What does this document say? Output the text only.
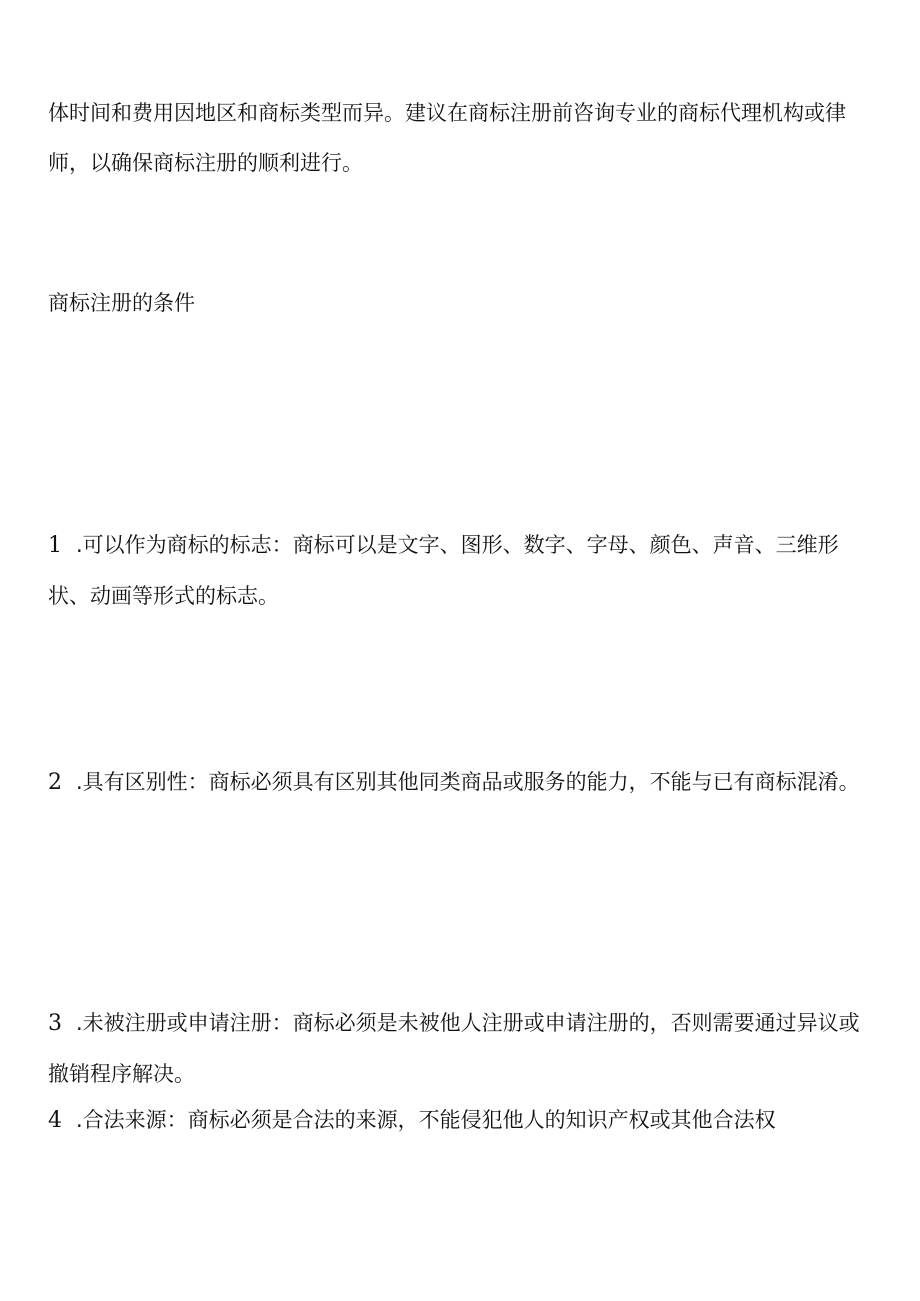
体时间和费用因地区和商标类型而异。建议在商标注册前咨询专业的商标代理机构或律师，以确保商标注册的顺利进行。

商标注册的条件

1 .可以作为商标的标志：商标可以是文字、图形、数字、字母、颜色、声音、三维形状、动画等形式的标志。

2 .具有区别性：商标必须具有区别其他同类商品或服务的能力，不能与已有商标混淆。

3 .未被注册或申请注册：商标必须是未被他人注册或申请注册的，否则需要通过异议或撤销程序解决。

4 .合法来源：商标必须是合法的来源，不能侵犯他人的知识产权或其他合法权
